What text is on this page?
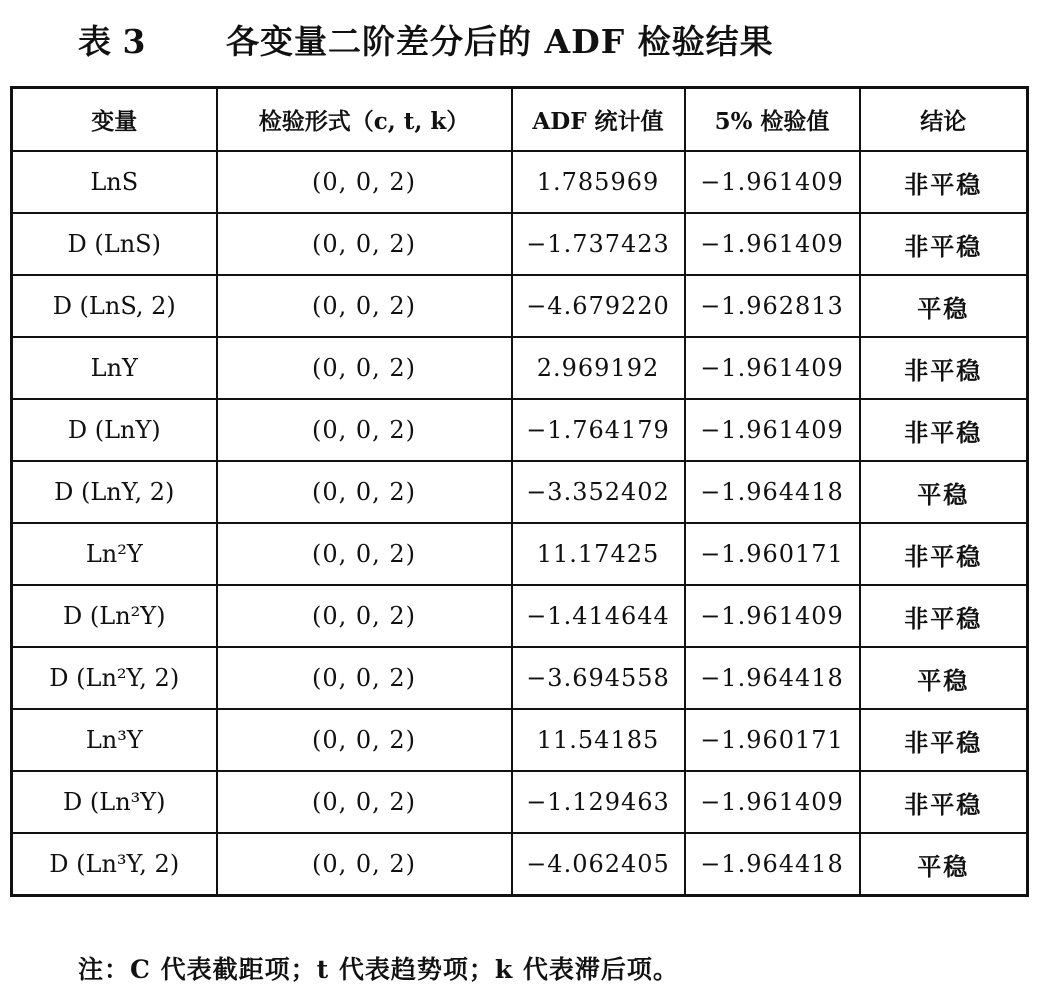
表 3 各变量二阶差分后的 ADF 检验结果
变量	检验形式（c, t, k）	ADF 统计值	5% 检验值	结论
LnS	(0, 0, 2)	1.785969	−1.961409	非平稳
D (LnS)	(0, 0, 2)	−1.737423	−1.961409	非平稳
D (LnS, 2)	(0, 0, 2)	−4.679220	−1.962813	平稳
LnY	(0, 0, 2)	2.969192	−1.961409	非平稳
D (LnY)	(0, 0, 2)	−1.764179	−1.961409	非平稳
D (LnY, 2)	(0, 0, 2)	−3.352402	−1.964418	平稳
Ln²Y	(0, 0, 2)	11.17425	−1.960171	非平稳
D (Ln²Y)	(0, 0, 2)	−1.414644	−1.961409	非平稳
D (Ln²Y, 2)	(0, 0, 2)	−3.694558	−1.964418	平稳
Ln³Y	(0, 0, 2)	11.54185	−1.960171	非平稳
D (Ln³Y)	(0, 0, 2)	−1.129463	−1.961409	非平稳
D (Ln³Y, 2)	(0, 0, 2)	−4.062405	−1.964418	平稳
注：C 代表截距项；t 代表趋势项；k 代表滞后项。
